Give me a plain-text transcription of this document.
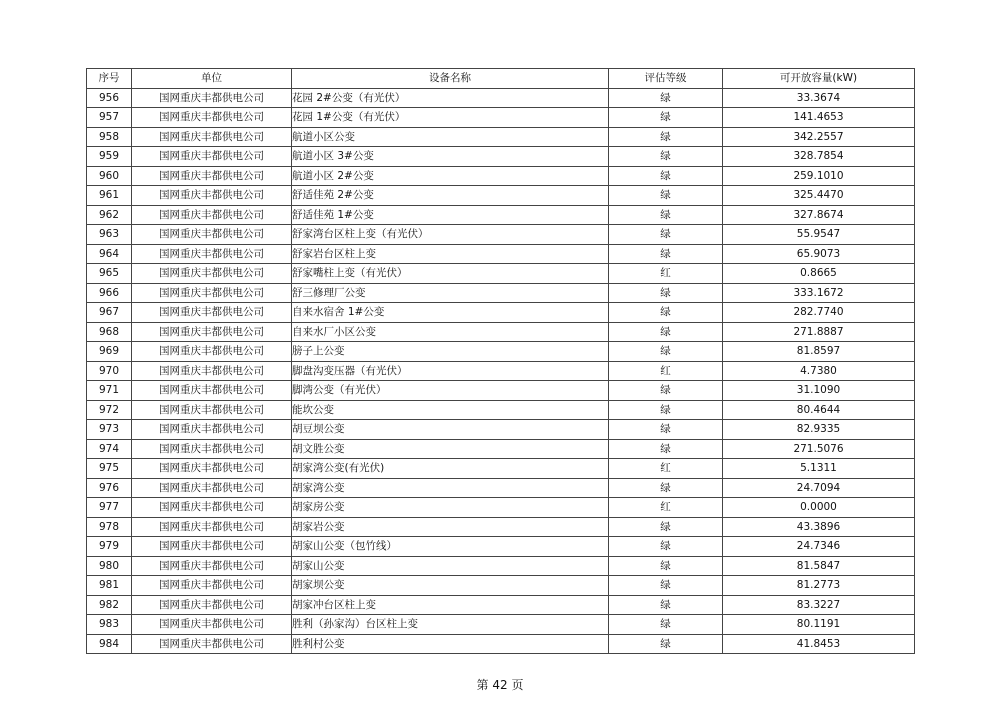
序号	单位	设备名称	评估等级	可开放容量(kW)
956	国网重庆丰都供电公司	花园 2#公变（有光伏）	绿	33.3674
957	国网重庆丰都供电公司	花园 1#公变（有光伏）	绿	141.4653
958	国网重庆丰都供电公司	航道小区公变	绿	342.2557
959	国网重庆丰都供电公司	航道小区 3#公变	绿	328.7854
960	国网重庆丰都供电公司	航道小区 2#公变	绿	259.1010
961	国网重庆丰都供电公司	舒适佳苑 2#公变	绿	325.4470
962	国网重庆丰都供电公司	舒适佳苑 1#公变	绿	327.8674
963	国网重庆丰都供电公司	舒家湾台区柱上变（有光伏）	绿	55.9547
964	国网重庆丰都供电公司	舒家岩台区柱上变	绿	65.9073
965	国网重庆丰都供电公司	舒家嘴柱上变（有光伏）	红	0.8665
966	国网重庆丰都供电公司	舒三修理厂公变	绿	333.1672
967	国网重庆丰都供电公司	自来水宿舍 1#公变	绿	282.7740
968	国网重庆丰都供电公司	自来水厂小区公变	绿	271.8887
969	国网重庆丰都供电公司	膀子上公变	绿	81.8597
970	国网重庆丰都供电公司	脚盘沟变压器（有光伏）	红	4.7380
971	国网重庆丰都供电公司	脚湾公变（有光伏）	绿	31.1090
972	国网重庆丰都供电公司	能坎公变	绿	80.4644
973	国网重庆丰都供电公司	胡豆坝公变	绿	82.9335
974	国网重庆丰都供电公司	胡文胜公变	绿	271.5076
975	国网重庆丰都供电公司	胡家湾公变(有光伏)	红	5.1311
976	国网重庆丰都供电公司	胡家湾公变	绿	24.7094
977	国网重庆丰都供电公司	胡家房公变	红	0.0000
978	国网重庆丰都供电公司	胡家岩公变	绿	43.3896
979	国网重庆丰都供电公司	胡家山公变（包竹线）	绿	24.7346
980	国网重庆丰都供电公司	胡家山公变	绿	81.5847
981	国网重庆丰都供电公司	胡家坝公变	绿	81.2773
982	国网重庆丰都供电公司	胡家冲台区柱上变	绿	83.3227
983	国网重庆丰都供电公司	胜利（孙家沟）台区柱上变	绿	80.1191
984	国网重庆丰都供电公司	胜利村公变	绿	41.8453
第 42 页
